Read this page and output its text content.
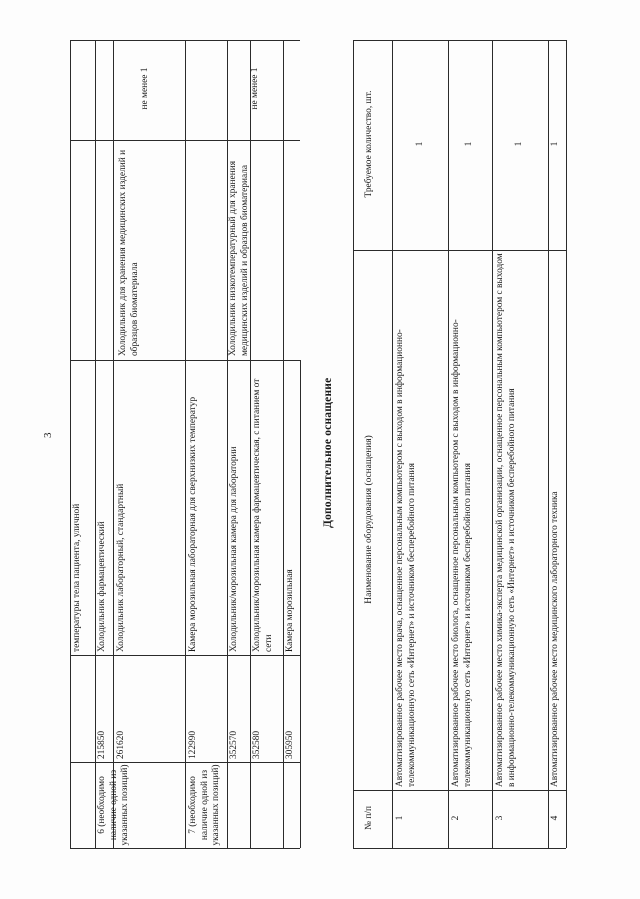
3
температуры тела пациента, уличной
6 (необходимо наличие одной из указанных позиций)
215850
Холодильник фармацевтический
Холодильник для хранения медицинских изделий и образцов биоматериала
не менее 1
261620
Холодильник лабораторный, стандартный
7 (необходимо наличие одной из указанных позиций)
122990
Камера морозильная лабораторная для сверхнизких температур
Холодильник низкотемпературный для хранения медицинских изделий и образцов биоматериала
не менее 1
352570
Холодильник/морозильная камера для лаборатории
352580
Холодильник/морозильная камера фармацевтическая, с питанием от сети
305950
Камера морозильная
Дополнительное оснащение
№ п/п
Наименование оборудования (оснащения)
Требуемое количество, шт.
1
Автоматизированное рабочее место врача, оснащенное персональным компьютером с выходом в информационно-телекоммуникационную сеть «Интернет» и источником бесперебойного питания
1
2
Автоматизированное рабочее место биолога, оснащенное персональным компьютером с выходом в информационно-телекоммуникационную сеть «Интернет» и источником бесперебойного питания
1
3
Автоматизированное рабочее место химика-эксперта медицинской организации, оснащенное персональным компьютером с выходом в информационно-телекоммуникационную сеть «Интернет» и источником бесперебойного питания
1
4
Автоматизированное рабочее место медицинского лабораторного техника
1
